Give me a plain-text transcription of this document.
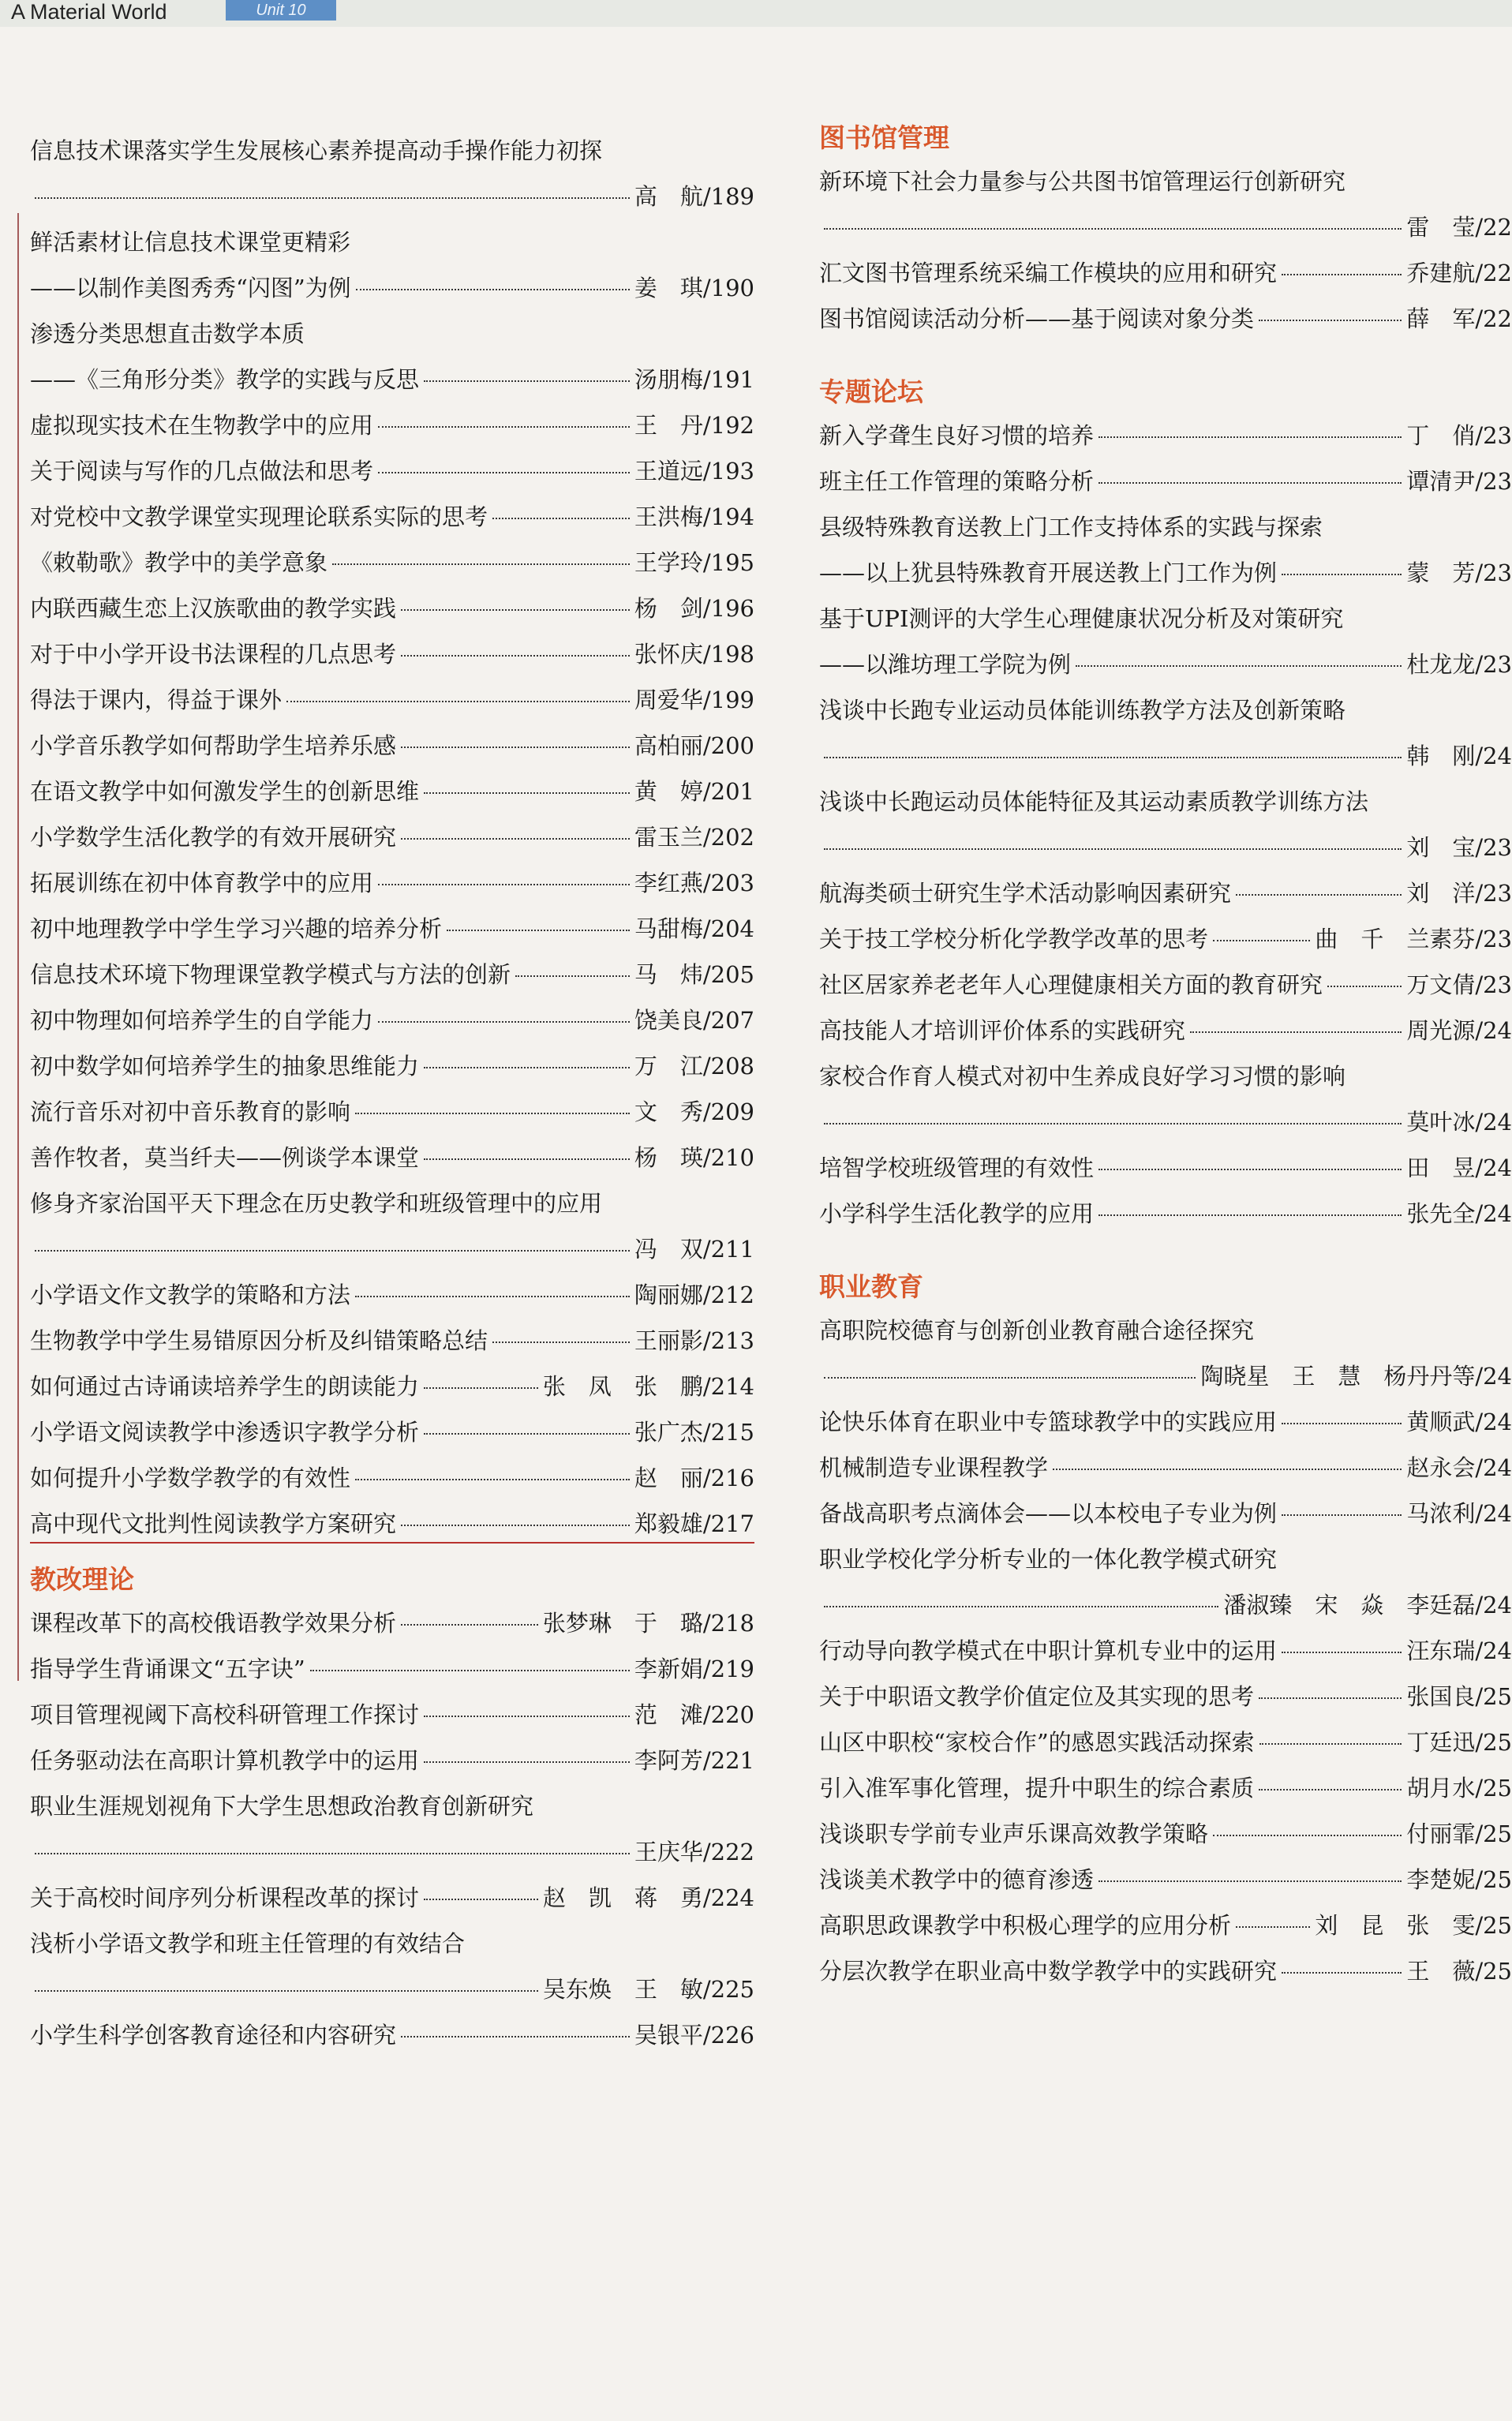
A Material World	Unit 10
信息技术课落实学生发展核心素养提高动手操作能力初探
高　航/189
鲜活素材让信息技术课堂更精彩
——以制作美图秀秀“闪图”为例	姜　琪/190
渗透分类思想直击数学本质
——《三角形分类》教学的实践与反思	汤朋梅/191
虚拟现实技术在生物教学中的应用	王　丹/192
关于阅读与写作的几点做法和思考	王道远/193
对党校中文教学课堂实现理论联系实际的思考	王洪梅/194
《敕勒歌》教学中的美学意象	王学玲/195
内联西藏生恋上汉族歌曲的教学实践	杨　剑/196
对于中小学开设书法课程的几点思考	张怀庆/198
得法于课内，得益于课外	周爱华/199
小学音乐教学如何帮助学生培养乐感	高柏丽/200
在语文教学中如何激发学生的创新思维	黄　婷/201
小学数学生活化教学的有效开展研究	雷玉兰/202
拓展训练在初中体育教学中的应用	李红燕/203
初中地理教学中学生学习兴趣的培养分析	马甜梅/204
信息技术环境下物理课堂教学模式与方法的创新	马　炜/205
初中物理如何培养学生的自学能力	饶美良/207
初中数学如何培养学生的抽象思维能力	万　江/208
流行音乐对初中音乐教育的影响	文　秀/209
善作牧者，莫当纤夫——例谈学本课堂	杨　瑛/210
修身齐家治国平天下理念在历史教学和班级管理中的应用
冯　双/211
小学语文作文教学的策略和方法	陶丽娜/212
生物教学中学生易错原因分析及纠错策略总结	王丽影/213
如何通过古诗诵读培养学生的朗读能力	张　凤　张　鹏/214
小学语文阅读教学中渗透识字教学分析	张广杰/215
如何提升小学数学教学的有效性	赵　丽/216
高中现代文批判性阅读教学方案研究	郑毅雄/217
教改理论
课程改革下的高校俄语教学效果分析	张梦琳　于　璐/218
指导学生背诵课文“五字诀”	李新娟/219
项目管理视阈下高校科研管理工作探讨	范　滩/220
任务驱动法在高职计算机教学中的运用	李阿芳/221
职业生涯规划视角下大学生思想政治教育创新研究
王庆华/222
关于高校时间序列分析课程改革的探讨	赵　凯　蒋　勇/224
浅析小学语文教学和班主任管理的有效结合
吴东焕　王　敏/225
小学生科学创客教育途径和内容研究	吴银平/226
图书馆管理
新环境下社会力量参与公共图书馆管理运行创新研究
雷　莹/22
汇文图书管理系统采编工作模块的应用和研究	乔建航/22
图书馆阅读活动分析——基于阅读对象分类	薛　军/22
专题论坛
新入学聋生良好习惯的培养	丁　俏/23
班主任工作管理的策略分析	谭清尹/23
县级特殊教育送教上门工作支持体系的实践与探索
——以上犹县特殊教育开展送教上门工作为例	蒙　芳/23
基于UPI测评的大学生心理健康状况分析及对策研究
——以潍坊理工学院为例	杜龙龙/23
浅谈中长跑专业运动员体能训练教学方法及创新策略
韩　刚/24
浅谈中长跑运动员体能特征及其运动素质教学训练方法
刘　宝/23
航海类硕士研究生学术活动影响因素研究	刘　洋/23
关于技工学校分析化学教学改革的思考	曲　千　兰素芬/23
社区居家养老老年人心理健康相关方面的教育研究	万文倩/23
高技能人才培训评价体系的实践研究	周光源/24
家校合作育人模式对初中生养成良好学习习惯的影响
莫叶冰/24
培智学校班级管理的有效性	田　昱/24
小学科学生活化教学的应用	张先全/24
职业教育
高职院校德育与创新创业教育融合途径探究
陶晓星　王　慧　杨丹丹等/24
论快乐体育在职业中专篮球教学中的实践应用	黄顺武/24
机械制造专业课程教学	赵永会/24
备战高职考点滴体会——以本校电子专业为例	马浓利/24
职业学校化学分析专业的一体化教学模式研究
潘淑臻　宋　焱　李廷磊/24
行动导向教学模式在中职计算机专业中的运用	汪东瑞/24
关于中职语文教学价值定位及其实现的思考	张国良/25
山区中职校“家校合作”的感恩实践活动探索	丁廷迅/25
引入准军事化管理，提升中职生的综合素质	胡月水/25
浅谈职专学前专业声乐课高效教学策略	付丽霏/25
浅谈美术教学中的德育渗透	李楚妮/25
高职思政课教学中积极心理学的应用分析	刘　昆　张　雯/25
分层次教学在职业高中数学教学中的实践研究	王　薇/25
